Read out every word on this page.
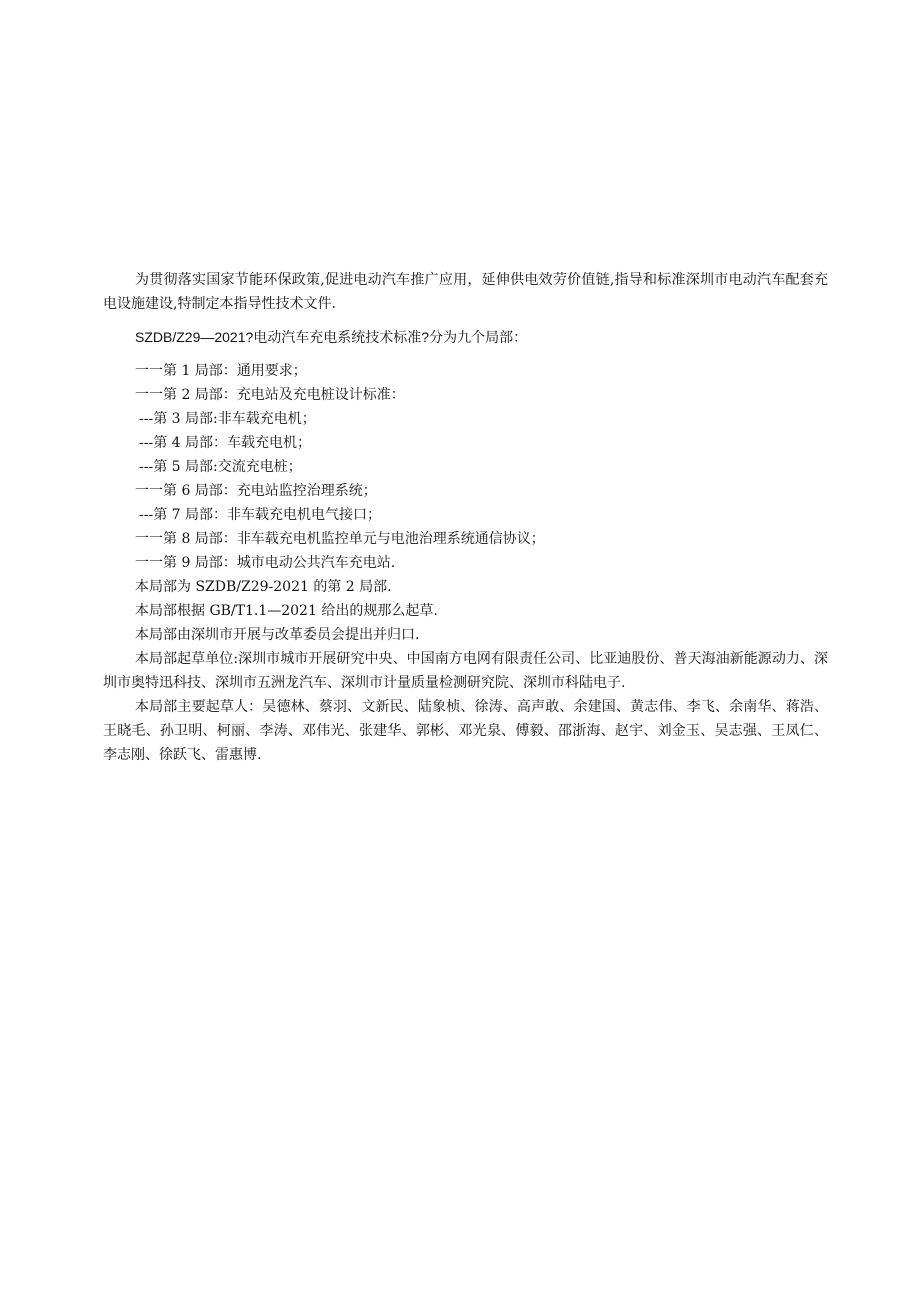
为贯彻落实国家节能环保政策,促进电动汽车推广应用，延伸供电效劳价值链,指导和标准深圳市电动汽车配套充电设施建设,特制定本指导性技术文件.

SZDB/Z29—2021?电动汽车充电系统技术标准?分为九个局部：

一一第 1 局部：通用要求；
一一第 2 局部：充电站及充电桩设计标准：
---第 3 局部:非车载充电机；
---第 4 局部：车载充电机；
---第 5 局部:交流充电桩；
一一第 6 局部：充电站监控治理系统；
---第 7 局部：非车载充电机电气接口；
一一第 8 局部：非车载充电机监控单元与电池治理系统通信协议；
一一第 9 局部：城市电动公共汽车充电站.

本局部为 SZDB/Z29-2021 的第 2 局部.

本局部根据 GB/T1.1—2021 给出的规那么起草.

本局部由深圳市开展与改革委员会提出并归口.

本局部起草单位:深圳市城市开展研究中央、中国南方电网有限责任公司、比亚迪股份、普天海油新能源动力、深圳市奥特迅科技、深圳市五洲龙汽车、深圳市计量质量检测研究院、深圳市科陆电子.

本局部主要起草人：吴德林、蔡羽、文新民、陆象桢、徐涛、高声敢、余建国、黄志伟、李飞、余南华、蒋浩、王晓毛、孙卫明、柯丽、李涛、邓伟光、张建华、郭彬、邓光泉、傅毅、邵浙海、赵宇、刘金玉、吴志强、王凤仁、李志刚、徐跃飞、雷惠博.
